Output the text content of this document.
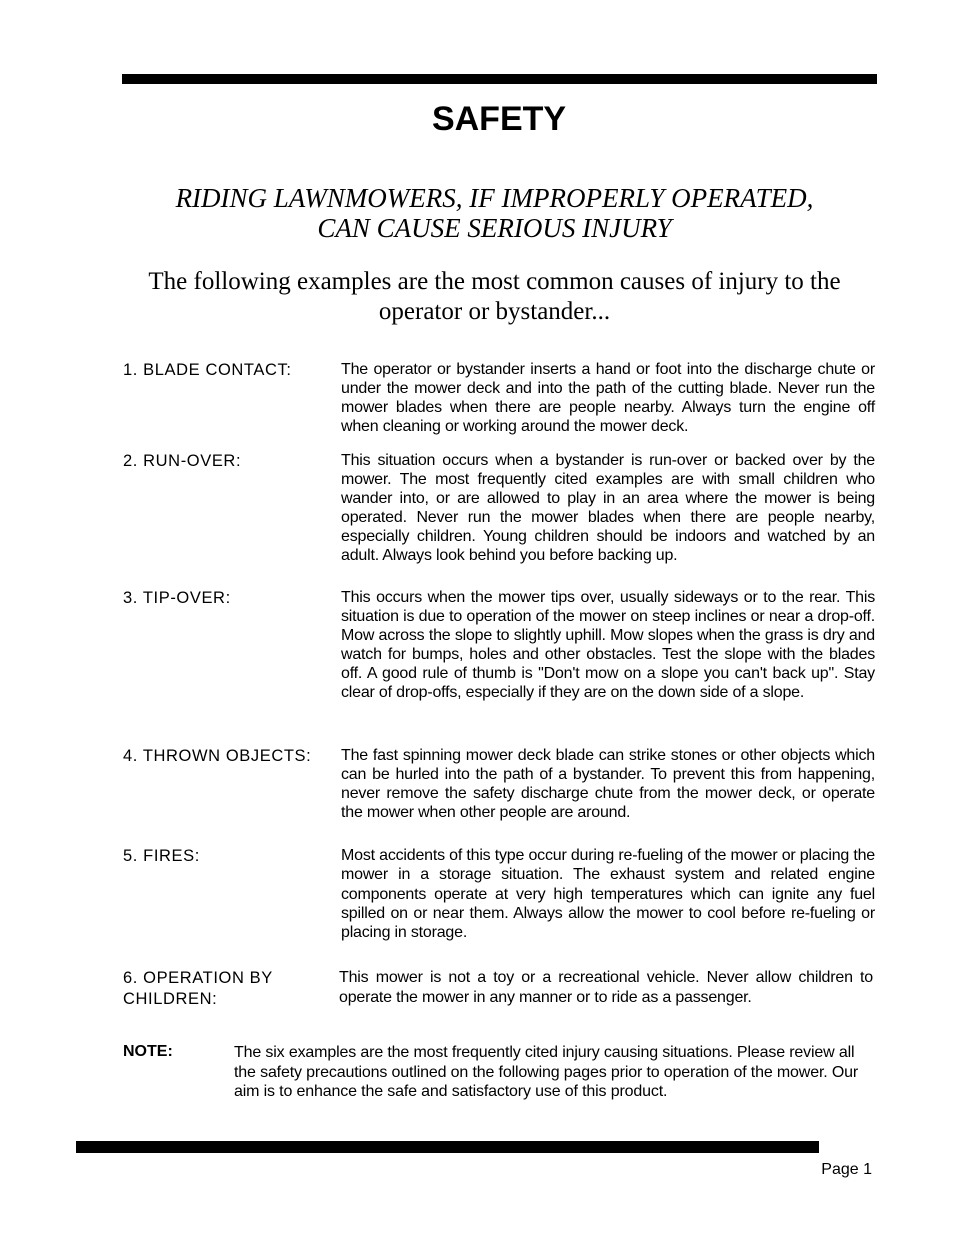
SAFETY
RIDING LAWNMOWERS, IF IMPROPERLY OPERATED,
CAN CAUSE SERIOUS INJURY
The following examples are the most common causes of injury to the
operator or bystander...
1. BLADE CONTACT:	The operator or bystander inserts a hand or foot into the discharge chute or under the mower deck and into the path of the cutting blade. Never run the mower blades when there are people nearby. Always turn the engine off when cleaning or working around the mower deck.
2. RUN-OVER:	This situation occurs when a bystander is run-over or backed over by the mower. The most frequently cited examples are with small children who wander into, or are allowed to play in an area where the mower is being operated. Never run the mower blades when there are people nearby, especially children. Young children should be indoors and watched by an adult. Always look behind you before backing up.
3. TIP-OVER:	This occurs when the mower tips over, usually sideways or to the rear. This situation is due to operation of the mower on steep inclines or near a drop-off. Mow across the slope to slightly uphill. Mow slopes when the grass is dry and watch for bumps, holes and other obstacles. Test the slope with the blades off. A good rule of thumb is "Don't mow on a slope you can't back up". Stay clear of drop-offs, especially if they are on the down side of a slope.
4. THROWN OBJECTS:	The fast spinning mower deck blade can strike stones or other objects which can be hurled into the path of a bystander. To prevent this from happening, never remove the safety discharge chute from the mower deck, or operate the mower when other people are around.
5. FIRES:	Most accidents of this type occur during re-fueling of the mower or placing the mower in a storage situation. The exhaust system and related engine components operate at very high temperatures which can ignite any fuel spilled on or near them. Always allow the mower to cool before re-fueling or placing in storage.
6. OPERATION BY CHILDREN:
This mower is not a toy or a recreational vehicle. Never allow children to operate the mower in any manner or to ride as a passenger.
NOTE:	The six examples are the most frequently cited injury causing situations. Please review all the safety precautions outlined on the following pages prior to operation of the mower. Our aim is to enhance the safe and satisfactory use of this product.
Page 1
